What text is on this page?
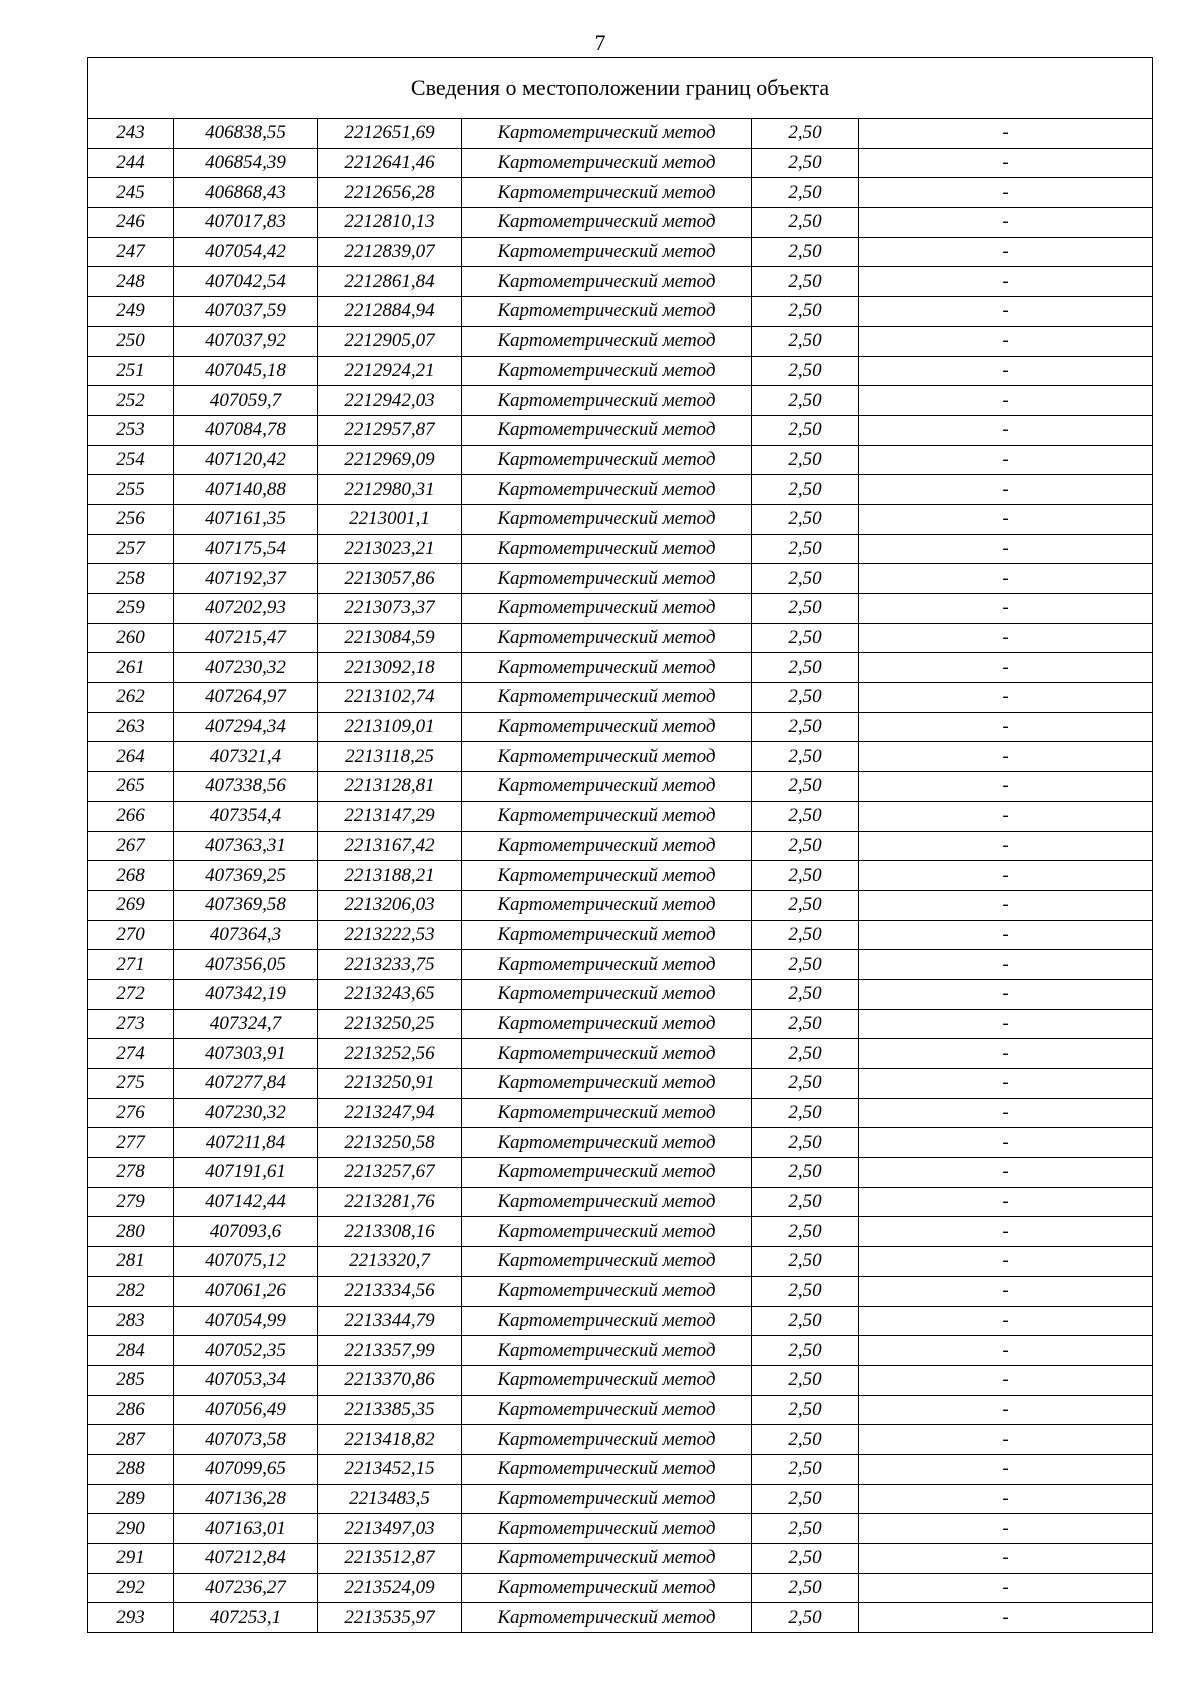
7
Сведения о местоположении границ объекта					
243	406838,55	2212651,69	Картометрический метод	2,50	-
244	406854,39	2212641,46	Картометрический метод	2,50	-
245	406868,43	2212656,28	Картометрический метод	2,50	-
246	407017,83	2212810,13	Картометрический метод	2,50	-
247	407054,42	2212839,07	Картометрический метод	2,50	-
248	407042,54	2212861,84	Картометрический метод	2,50	-
249	407037,59	2212884,94	Картометрический метод	2,50	-
250	407037,92	2212905,07	Картометрический метод	2,50	-
251	407045,18	2212924,21	Картометрический метод	2,50	-
252	407059,7	2212942,03	Картометрический метод	2,50	-
253	407084,78	2212957,87	Картометрический метод	2,50	-
254	407120,42	2212969,09	Картометрический метод	2,50	-
255	407140,88	2212980,31	Картометрический метод	2,50	-
256	407161,35	2213001,1	Картометрический метод	2,50	-
257	407175,54	2213023,21	Картометрический метод	2,50	-
258	407192,37	2213057,86	Картометрический метод	2,50	-
259	407202,93	2213073,37	Картометрический метод	2,50	-
260	407215,47	2213084,59	Картометрический метод	2,50	-
261	407230,32	2213092,18	Картометрический метод	2,50	-
262	407264,97	2213102,74	Картометрический метод	2,50	-
263	407294,34	2213109,01	Картометрический метод	2,50	-
264	407321,4	2213118,25	Картометрический метод	2,50	-
265	407338,56	2213128,81	Картометрический метод	2,50	-
266	407354,4	2213147,29	Картометрический метод	2,50	-
267	407363,31	2213167,42	Картометрический метод	2,50	-
268	407369,25	2213188,21	Картометрический метод	2,50	-
269	407369,58	2213206,03	Картометрический метод	2,50	-
270	407364,3	2213222,53	Картометрический метод	2,50	-
271	407356,05	2213233,75	Картометрический метод	2,50	-
272	407342,19	2213243,65	Картометрический метод	2,50	-
273	407324,7	2213250,25	Картометрический метод	2,50	-
274	407303,91	2213252,56	Картометрический метод	2,50	-
275	407277,84	2213250,91	Картометрический метод	2,50	-
276	407230,32	2213247,94	Картометрический метод	2,50	-
277	407211,84	2213250,58	Картометрический метод	2,50	-
278	407191,61	2213257,67	Картометрический метод	2,50	-
279	407142,44	2213281,76	Картометрический метод	2,50	-
280	407093,6	2213308,16	Картометрический метод	2,50	-
281	407075,12	2213320,7	Картометрический метод	2,50	-
282	407061,26	2213334,56	Картометрический метод	2,50	-
283	407054,99	2213344,79	Картометрический метод	2,50	-
284	407052,35	2213357,99	Картометрический метод	2,50	-
285	407053,34	2213370,86	Картометрический метод	2,50	-
286	407056,49	2213385,35	Картометрический метод	2,50	-
287	407073,58	2213418,82	Картометрический метод	2,50	-
288	407099,65	2213452,15	Картометрический метод	2,50	-
289	407136,28	2213483,5	Картометрический метод	2,50	-
290	407163,01	2213497,03	Картометрический метод	2,50	-
291	407212,84	2213512,87	Картометрический метод	2,50	-
292	407236,27	2213524,09	Картометрический метод	2,50	-
293	407253,1	2213535,97	Картометрический метод	2,50	-
